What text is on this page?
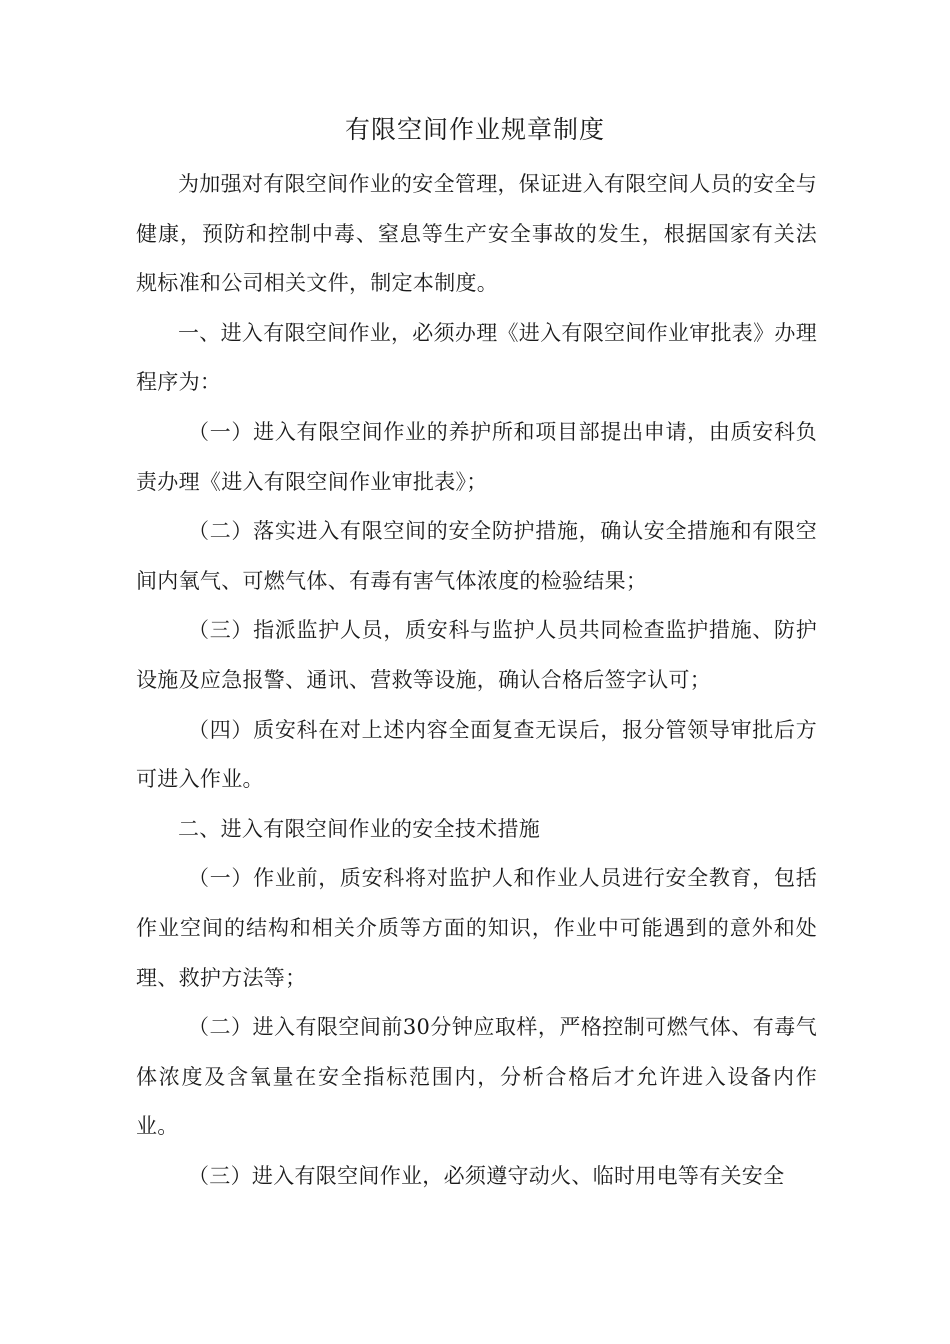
有限空间作业规章制度

为加强对有限空间作业的安全管理，保证进入有限空间人员的安全与健康，预防和控制中毒、窒息等生产安全事故的发生，根据国家有关法规标准和公司相关文件，制定本制度。

一、进入有限空间作业，必须办理《进入有限空间作业审批表》办理程序为：

（一）进入有限空间作业的养护所和项目部提出申请，由质安科负责办理《进入有限空间作业审批表》；

（二）落实进入有限空间的安全防护措施，确认安全措施和有限空间内氧气、可燃气体、有毒有害气体浓度的检验结果；

（三）指派监护人员，质安科与监护人员共同检查监护措施、防护设施及应急报警、通讯、营救等设施，确认合格后签字认可；

（四）质安科在对上述内容全面复查无误后，报分管领导审批后方可进入作业。

二、进入有限空间作业的安全技术措施

（一）作业前，质安科将对监护人和作业人员进行安全教育，包括作业空间的结构和相关介质等方面的知识，作业中可能遇到的意外和处理、救护方法等；

（二）进入有限空间前30分钟应取样，严格控制可燃气体、有毒气体浓度及含氧量在安全指标范围内，分析合格后才允许进入设备内作业。

（三）进入有限空间作业，必须遵守动火、临时用电等有关安全
